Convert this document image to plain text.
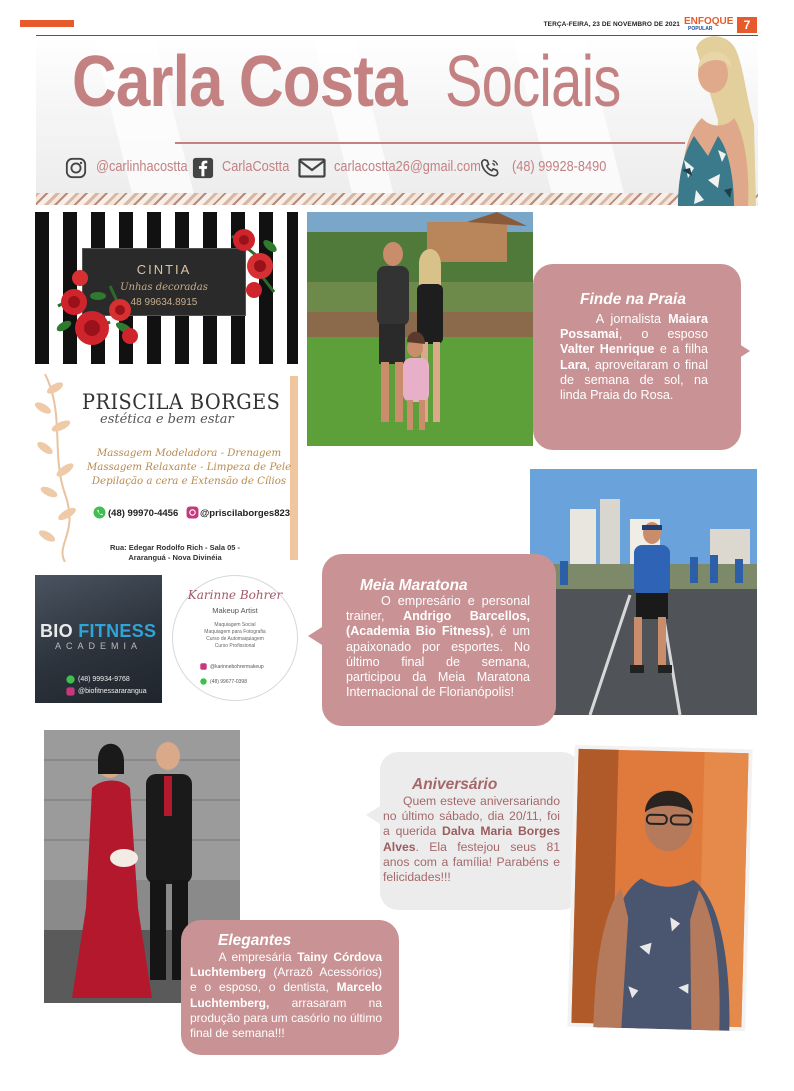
TERÇA-FEIRA, 23 DE NOVEMBRO DE 2021 ENFOQUE
POPULAR	7
Carla Costa Sociais
@carlinhacostta CarlaCostta	carlacostta26@gmail.com (48) 99928-8490
CINTIA
Unhas decoradas
48 99634.8915
PRISCILA BORGES
estética e bem estar
Massagem Modeladora - Drenagem
Massagem Relaxante - Limpeza de Pele
Depilação a cera e Extensão de Cílios
(48) 99970-4456 @priscilaborges823
Rua: Edegar Rodolfo Rich - Sala 05 -
Araranguá - Nova Divinéia
BIO FITNESS
ACADEMIA
(48) 99934-9768
@biofitnessararangua
Karinne Bohrer
Makeup Artist
Maquiagem Social
Maquiagem para Fotografia
Curso de Automaquiagem
Curso Profissional
@karinnebohrermakeup
(48) 99677-0398
Finde na Praia
A jornalista Maiara Possamai, o esposo Valter Henrique e a filha Lara, aproveitaram o final de semana de sol, na linda Praia do Rosa.
Meia Maratona
O empresário e personal trainer, Andrigo Barcellos, (Academia Bio Fitness), é um apaixonado por esportes. No último final de semana, participou da Meia Maratona Internacional de Florianópolis!
Aniversário
Quem esteve aniversariando no último sábado, dia 20/11, foi a querida Dalva Maria Borges Alves. Ela festejou seus 81 anos com a família! Parabéns e felicidades!!!
Elegantes
A empresária Tainy Córdova Luchtemberg (Arrazô Acessórios) e o esposo, o dentista, Marcelo Luchtemberg, arrasaram na produção para um casório no último final de semana!!!
